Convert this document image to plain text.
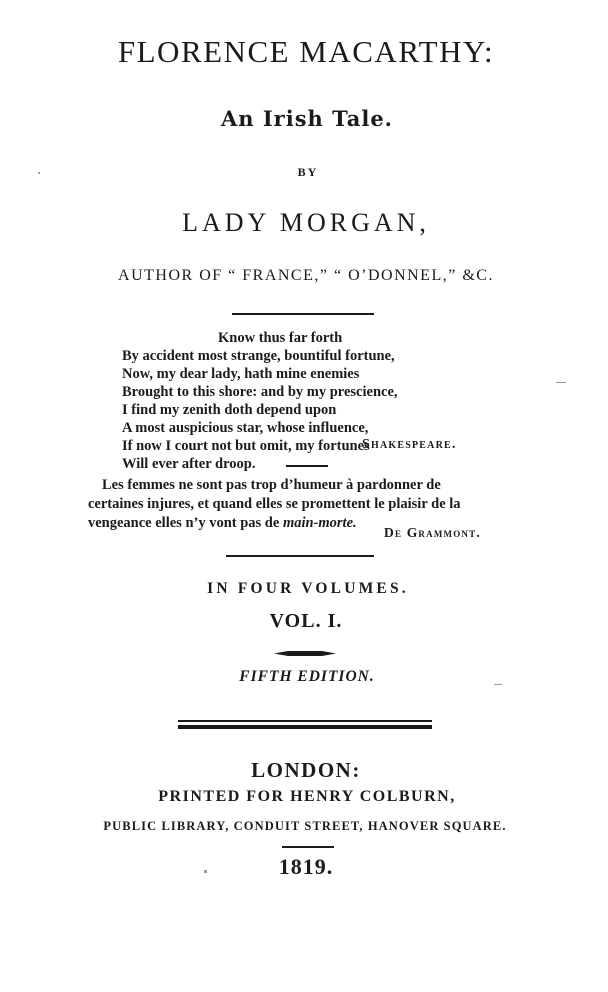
FLORENCE MACARTHY:
An Irish Tale.
BY
LADY MORGAN,
AUTHOR OF “ FRANCE,” “ O’DONNEL,” &C.
Know thus far forth
By accident most strange, bountiful fortune,
Now, my dear lady, hath mine enemies
Brought to this shore: and by my prescience,
I find my zenith doth depend upon
A most auspicious star, whose influence,
If now I court not but omit, my fortunes
Will ever after droop.
Shakespeare.
Les femmes ne sont pas trop d’humeur à pardonner de
certaines injures, et quand elles se promettent le plaisir de la
vengeance elles n’y vont pas de main-morte.
De Grammont.
IN FOUR VOLUMES.
VOL. I.
FIFTH EDITION.
LONDON:
PRINTED FOR HENRY COLBURN,
PUBLIC LIBRARY, CONDUIT STREET, HANOVER SQUARE.
1819.
